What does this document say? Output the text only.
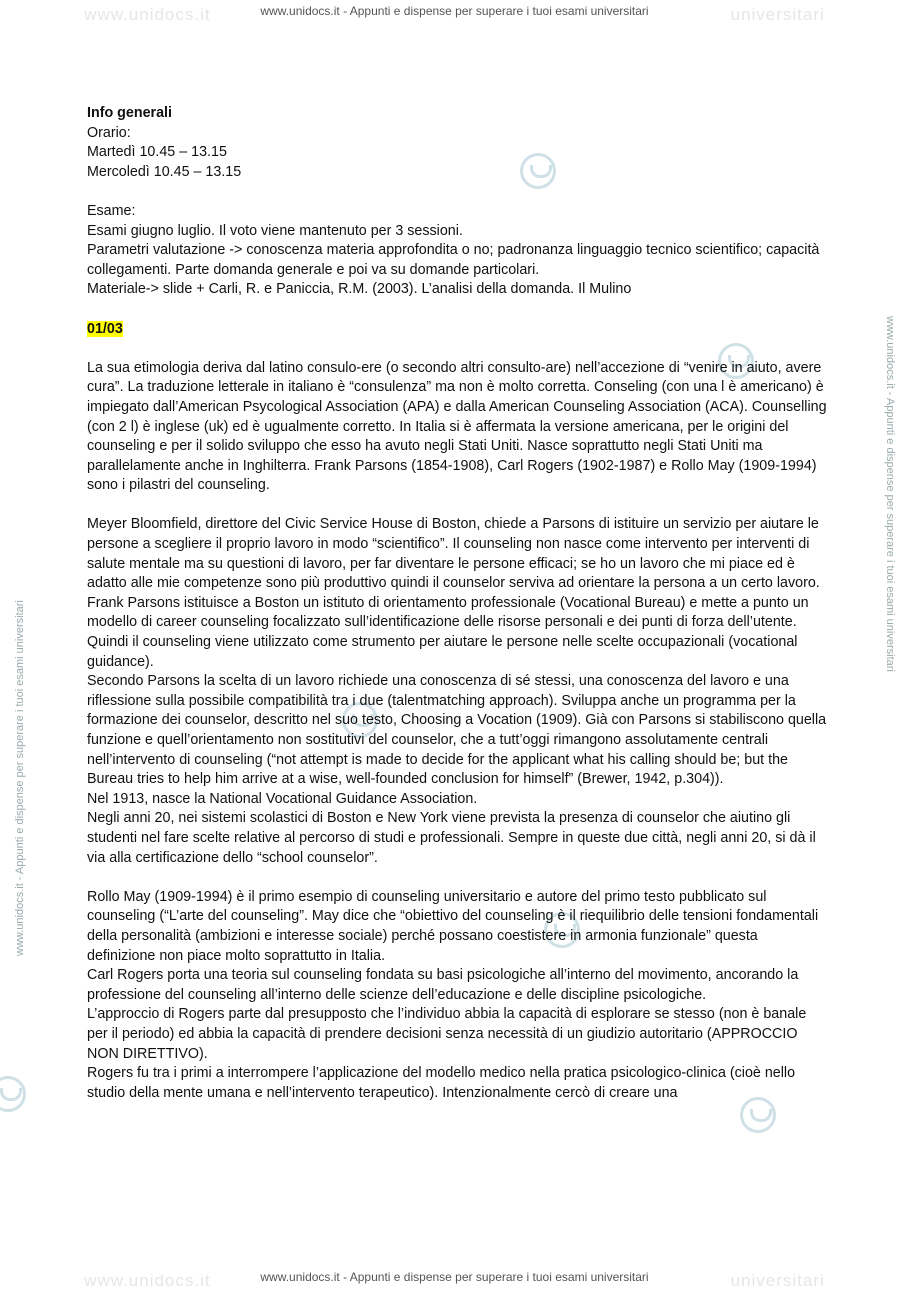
www.unidocs.it	universitari
www.unidocs.it - Appunti e dispense per superare i tuoi esami universitari
www.unidocs.it - Appunti e dispense per superare i tuoi esami universitari
www.unidocs.it - Appunti e dispense per superare i tuoi esami universitari

Info generali

Orario:

Martedì 10.45 – 13.15

Mercoledì 10.45 – 13.15

Esame:

Esami giugno luglio. Il voto viene mantenuto per 3 sessioni.

Parametri valutazione -> conoscenza materia approfondita o no; padronanza linguaggio tecnico scientifico; capacità collegamenti. Parte domanda generale e poi va su domande particolari.

Materiale-> slide + Carli, R. e Paniccia, R.M. (2003). L’analisi della domanda. Il Mulino

01/03

La sua etimologia deriva dal latino consulo-ere (o secondo altri consulto-are) nell’accezione di “venire in aiuto, avere cura”. La traduzione letterale in italiano è “consulenza” ma non è molto corretta. Conseling (con una l è americano) è impiegato dall’American Psycological Association (APA) e dalla American Counseling Association (ACA). Counselling (con 2 l) è inglese (uk) ed è ugualmente corretto. In Italia si è affermata la versione americana, per le origini del counseling e per il solido sviluppo che esso ha avuto negli Stati Uniti. Nasce soprattutto negli Stati Uniti ma parallelamente anche in Inghilterra. Frank Parsons (1854-1908), Carl Rogers (1902-1987) e Rollo May (1909-1994) sono i pilastri del counseling.

Meyer Bloomfield, direttore del Civic Service House di Boston, chiede a Parsons di istituire un servizio per aiutare le persone a scegliere il proprio lavoro in modo “scientifico”. Il counseling non nasce come intervento per interventi di salute mentale ma su questioni di lavoro, per far diventare le persone efficaci; se ho un lavoro che mi piace ed è adatto alle mie competenze sono più produttivo quindi il counselor serviva ad orientare la persona a un certo lavoro.

Frank Parsons istituisce a Boston un istituto di orientamento professionale (Vocational Bureau) e mette a punto un modello di career counseling focalizzato sull’identificazione delle risorse personali e dei punti di forza dell’utente. Quindi il counseling viene utilizzato come strumento per aiutare le persone nelle scelte occupazionali (vocational guidance).

Secondo Parsons la scelta di un lavoro richiede una conoscenza di sé stessi, una conoscenza del lavoro e una riflessione sulla possibile compatibilità tra i due (talentmatching approach). Sviluppa anche un programma per la formazione dei counselor, descritto nel suo testo, Choosing a Vocation (1909). Già con Parsons si stabiliscono quella funzione e quell’orientamento non sostitutivi del counselor, che a tutt’oggi rimangono assolutamente centrali nell’intervento di counseling (“not attempt is made to decide for the applicant what his calling should be; but the Bureau tries to help him arrive at a wise, well-founded conclusion for himself” (Brewer, 1942, p.304)).

Nel 1913, nasce la National Vocational Guidance Association.

Negli anni 20, nei sistemi scolastici di Boston e New York viene prevista la presenza di counselor che aiutino gli studenti nel fare scelte relative al percorso di studi e professionali. Sempre in queste due città, negli anni 20, si dà il via alla certificazione dello “school counselor”.

Rollo May (1909-1994) è il primo esempio di counseling universitario e autore del primo testo pubblicato sul counseling (“L’arte del counseling”. May dice che “obiettivo del counseling è il riequilibrio delle tensioni fondamentali della personalità (ambizioni e interesse sociale) perché possano coestistere in armonia funzionale” questa definizione non piace molto soprattutto in Italia.

Carl Rogers porta una teoria sul counseling fondata su basi psicologiche all’interno del movimento, ancorando la professione del counseling all’interno delle scienze dell’educazione e delle discipline psicologiche.

L’approccio di Rogers parte dal presupposto che l’individuo abbia la capacità di esplorare se stesso (non è banale per il periodo) ed abbia la capacità di prendere decisioni senza necessità di un giudizio autoritario (APPROCCIO NON DIRETTIVO).

Rogers fu tra i primi a interrompere l’applicazione del modello medico nella pratica psicologico-clinica (cioè nello studio della mente umana e nell’intervento terapeutico). Intenzionalmente cercò di creare una

www.unidocs.it	universitari
www.unidocs.it - Appunti e dispense per superare i tuoi esami universitari
